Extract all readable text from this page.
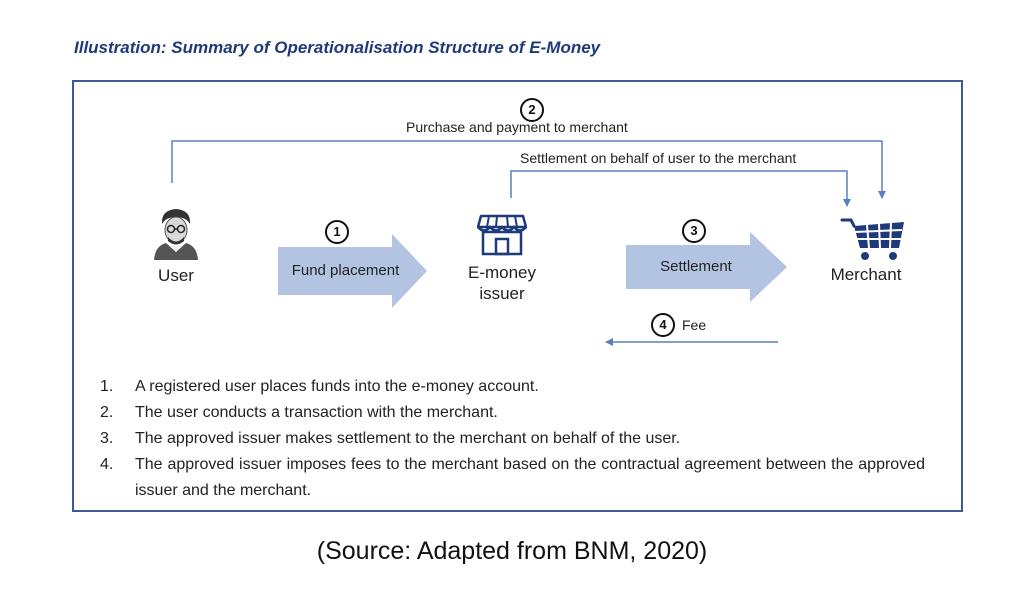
Illustration: Summary of Operationalisation Structure of E-Money
User	E-money
issuer
Merchant
2
Purchase and payment to merchant
Settlement on behalf of user to the merchant
1
Fund placement
3
Settlement
4	Fee
1. A registered user places funds into the e-money account.
2. The user conducts a transaction with the merchant.
3. The approved issuer makes settlement to the merchant on behalf of the user.
4. The approved issuer imposes fees to the merchant based on the contractual agreement between the approved issuer and the merchant.
(Source: Adapted from BNM, 2020)
